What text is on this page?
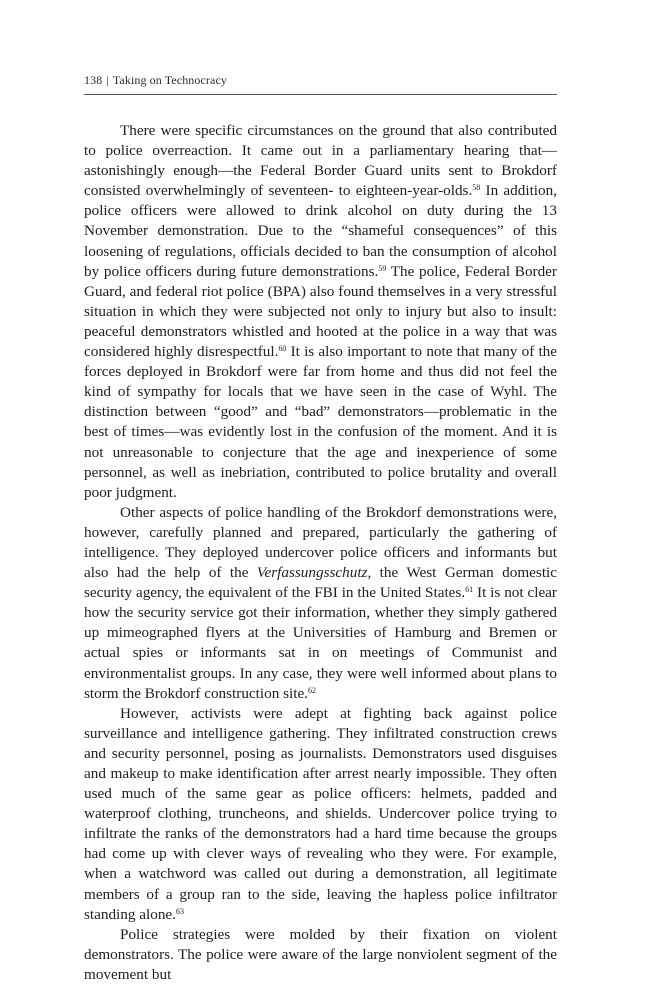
138 | Taking on Technocracy

There were specific circumstances on the ground that also contributed to police overreaction. It came out in a parliamentary hearing that—astonishingly enough—the Federal Border Guard units sent to Brokdorf consisted overwhelmingly of seventeen- to eighteen-year-olds.$^{58}$ In addition, police officers were allowed to drink alcohol on duty during the 13 November demonstration. Due to the “shameful consequences” of this loosening of regulations, officials decided to ban the consumption of alcohol by police officers during future demonstrations.$^{59}$ The police, Federal Border Guard, and federal riot police (BPA) also found themselves in a very stressful situation in which they were subjected not only to injury but also to insult: peaceful demonstrators whistled and hooted at the police in a way that was considered highly disrespectful.$^{60}$ It is also important to note that many of the forces deployed in Brokdorf were far from home and thus did not feel the kind of sympathy for locals that we have seen in the case of Wyhl. The distinction between “good” and “bad” demonstrators—problematic in the best of times—was evidently lost in the confusion of the moment. And it is not unreasonable to conjecture that the age and inexperience of some personnel, as well as inebriation, contributed to police brutality and overall poor judgment.

Other aspects of police handling of the Brokdorf demonstrations were, however, carefully planned and prepared, particularly the gathering of intelligence. They deployed undercover police officers and informants but also had the help of the Verfassungsschutz, the West German domestic security agency, the equivalent of the FBI in the United States.$^{61}$ It is not clear how the security service got their information, whether they simply gathered up mimeographed flyers at the Universities of Hamburg and Bremen or actual spies or informants sat in on meetings of Communist and environmentalist groups. In any case, they were well informed about plans to storm the Brokdorf construction site.$^{62}$

However, activists were adept at fighting back against police surveillance and intelligence gathering. They infiltrated construction crews and security personnel, posing as journalists. Demonstrators used disguises and makeup to make identification after arrest nearly impossible. They often used much of the same gear as police officers: helmets, padded and waterproof clothing, truncheons, and shields. Undercover police trying to infiltrate the ranks of the demonstrators had a hard time because the groups had come up with clever ways of revealing who they were. For example, when a watchword was called out during a demonstration, all legitimate members of a group ran to the side, leaving the hapless police infiltrator standing alone.$^{63}$

Police strategies were molded by their fixation on violent demonstrators. The police were aware of the large nonviolent segment of the movement but
